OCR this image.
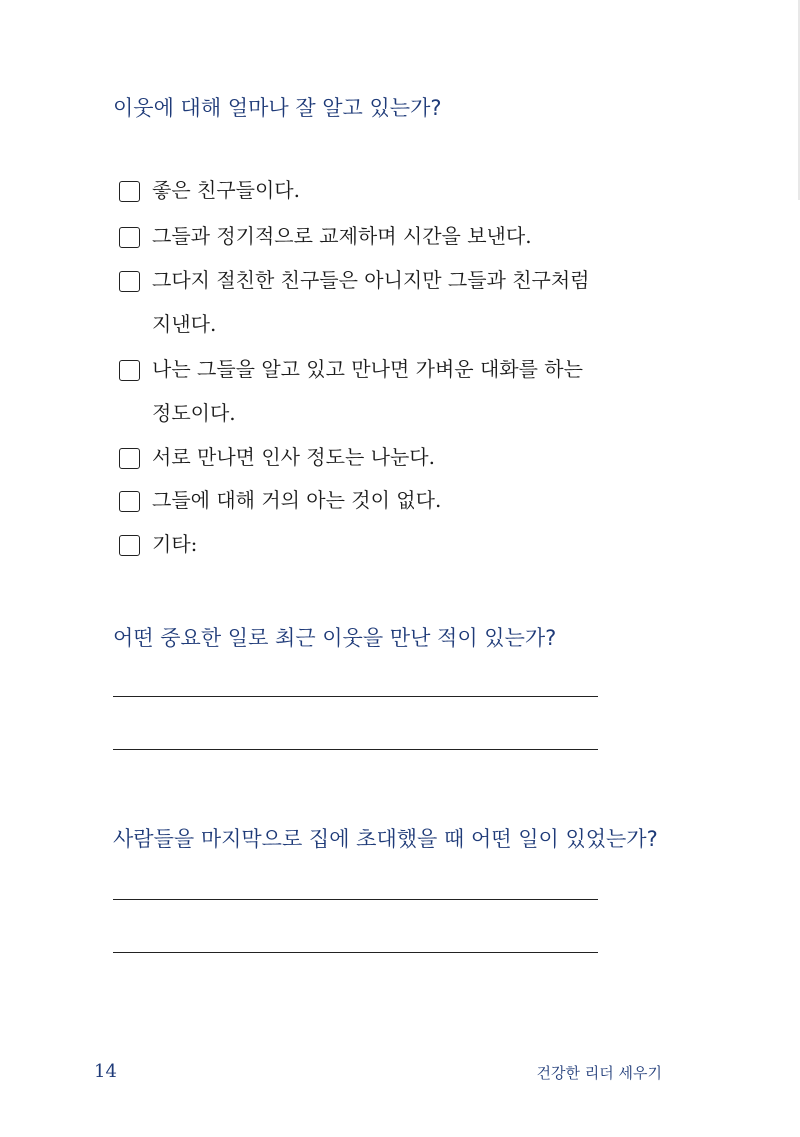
이웃에 대해 얼마나 잘 알고 있는가?
좋은 친구들이다.
그들과 정기적으로 교제하며 시간을 보낸다.
그다지 절친한 친구들은 아니지만 그들과 친구처럼
지낸다.
나는 그들을 알고 있고 만나면 가벼운 대화를 하는
정도이다.
서로 만나면 인사 정도는 나눈다.
그들에 대해 거의 아는 것이 없다.
기타:
어떤 중요한 일로 최근 이웃을 만난 적이 있는가?
사람들을 마지막으로 집에 초대했을 때 어떤 일이 있었는가?
14	건강한 리더 세우기
